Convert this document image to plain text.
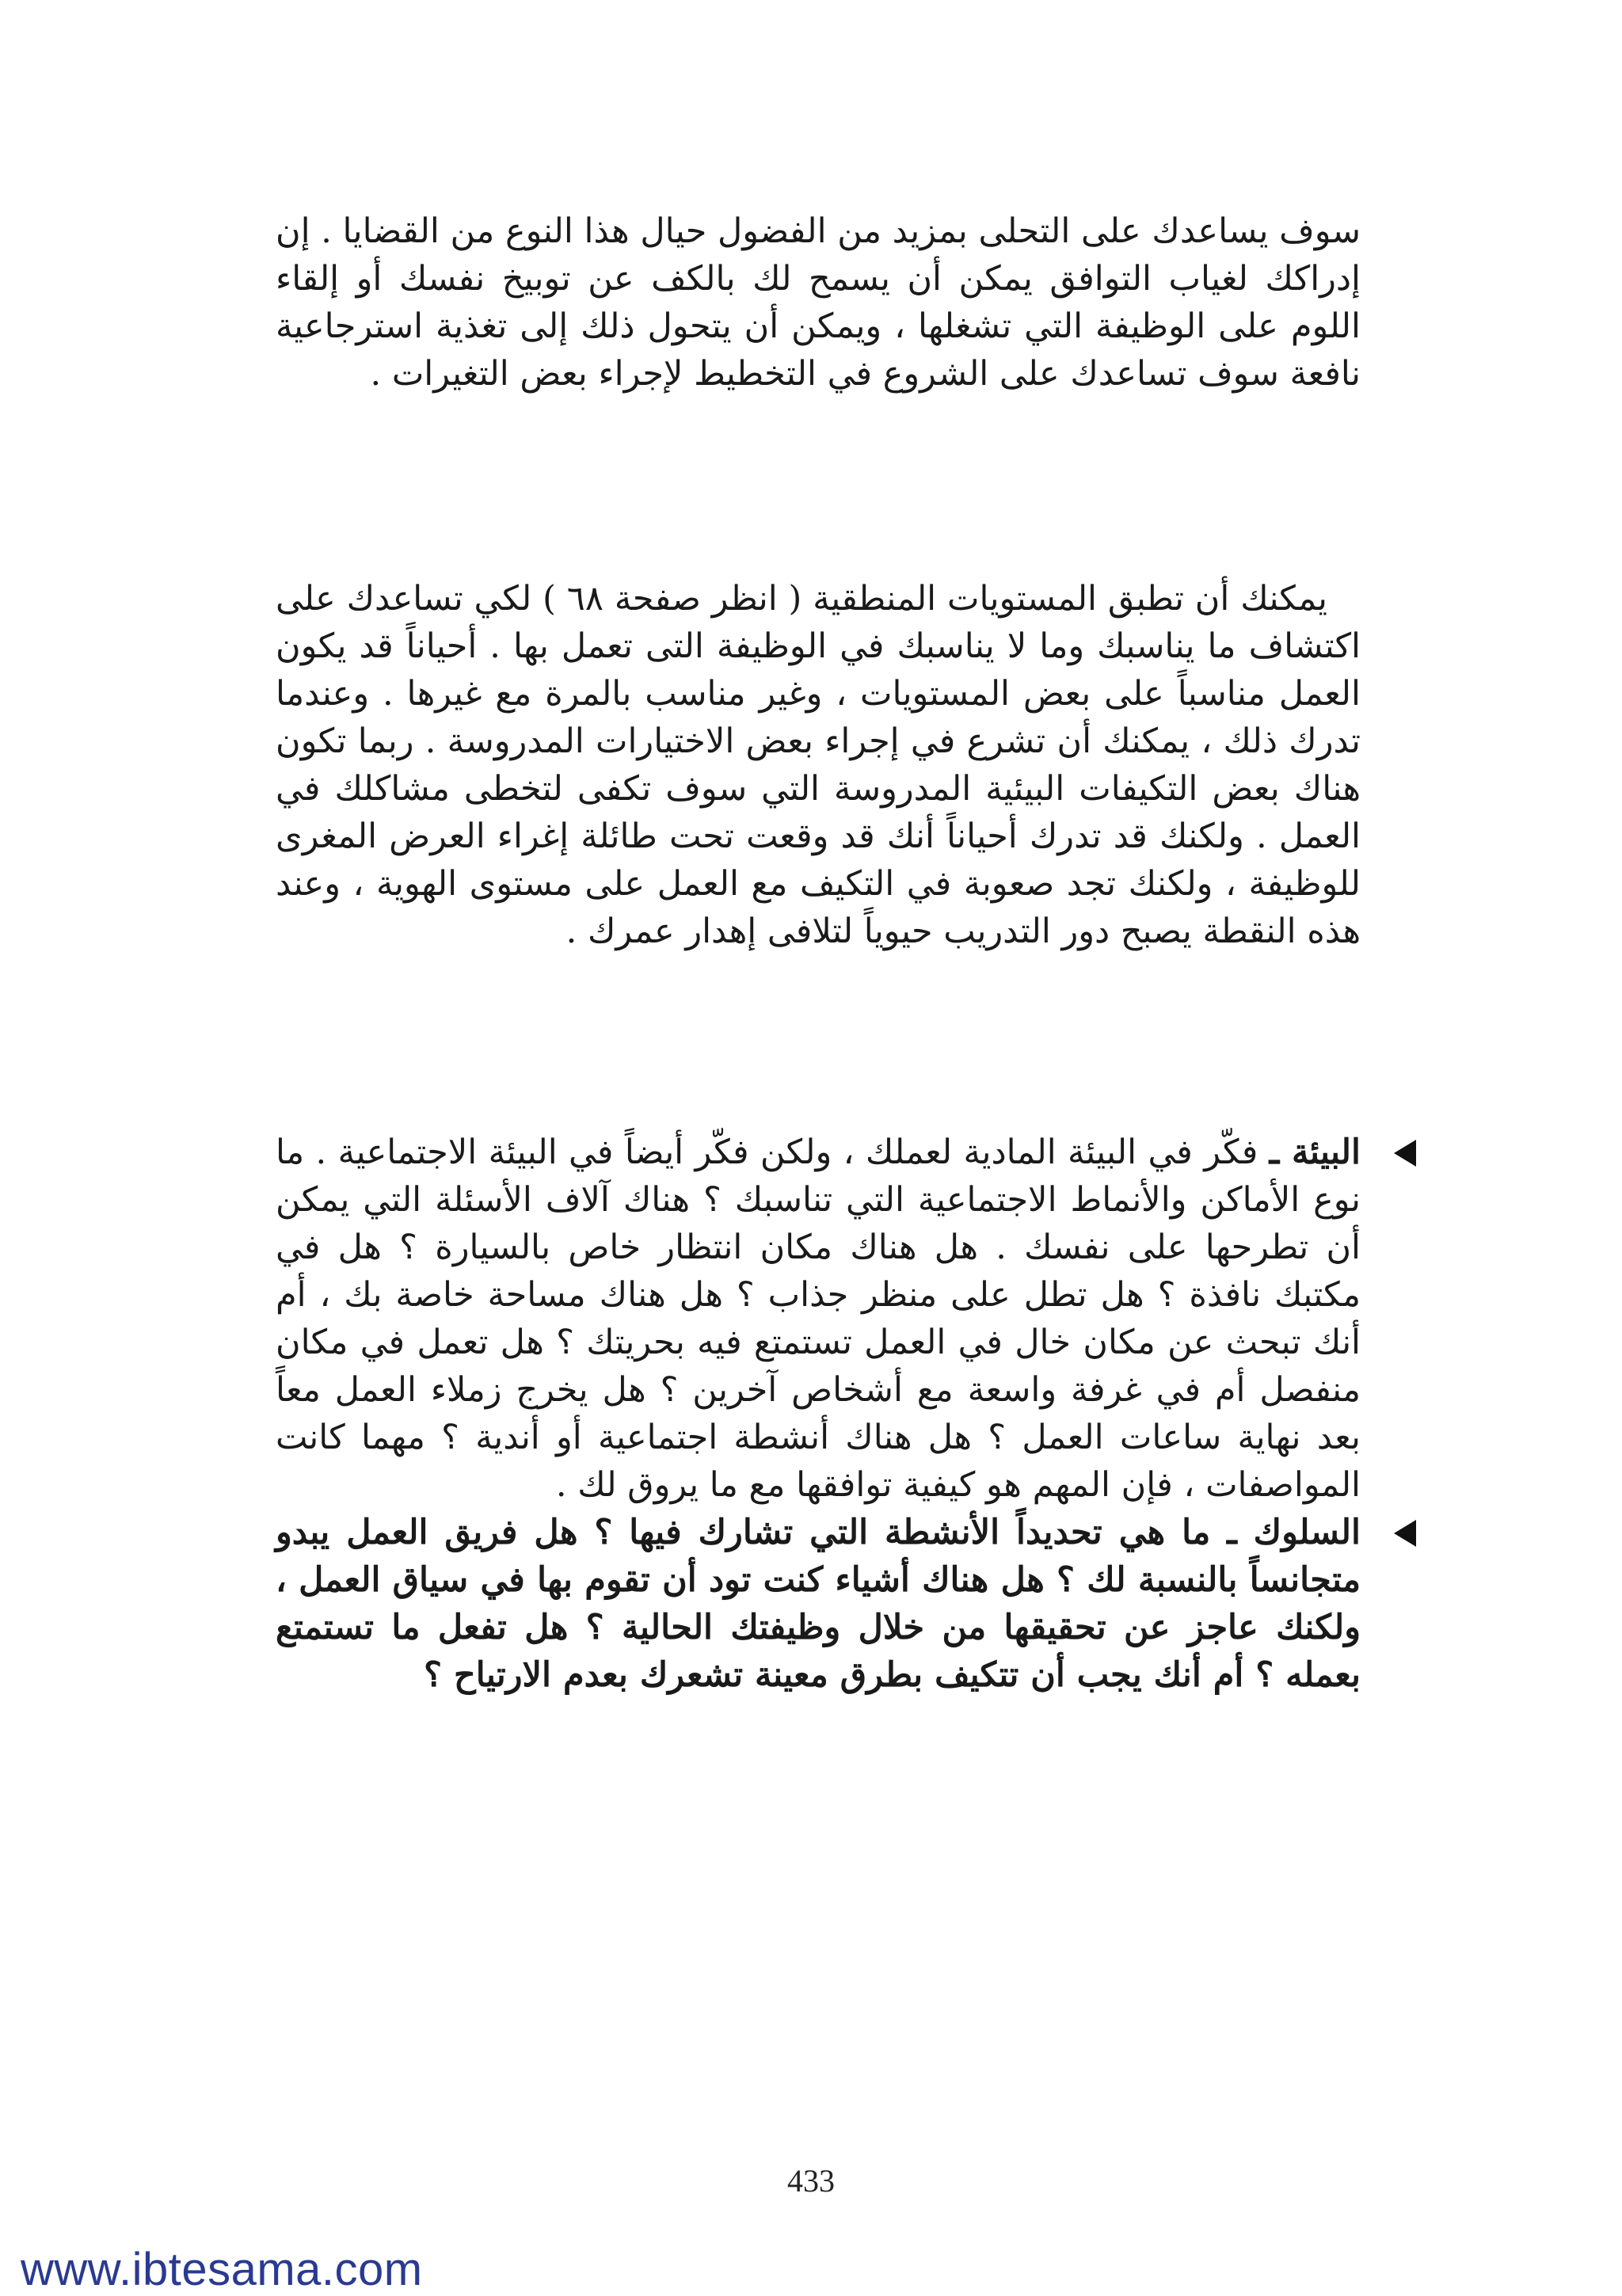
سوف يساعدك على التحلى بمزيد من الفضول حيال هذا النوع من القضايا . إن إدراكك لغياب التوافق يمكن أن يسمح لك بالكف عن توبيخ نفسك أو إلقاء اللوم على الوظيفة التي تشغلها ، ويمكن أن يتحول ذلك إلى تغذية استرجاعية نافعة سوف تساعدك على الشروع في التخطيط لإجراء بعض التغيرات .

يمكنك أن تطبق المستويات المنطقية ( انظر صفحة ٦٨ ) لكي تساعدك على اكتشاف ما يناسبك وما لا يناسبك في الوظيفة التى تعمل بها . أحياناً قد يكون العمل مناسباً على بعض المستويات ، وغير مناسب بالمرة مع غيرها . وعندما تدرك ذلك ، يمكنك أن تشرع في إجراء بعض الاختيارات المدروسة . ربما تكون هناك بعض التكيفات البيئية المدروسة التي سوف تكفى لتخطى مشاكلك في العمل . ولكنك قد تدرك أحياناً أنك قد وقعت تحت طائلة إغراء العرض المغرى للوظيفة ، ولكنك تجد صعوبة في التكيف مع العمل على مستوى الهوية ، وعند هذه النقطة يصبح دور التدريب حيوياً لتلافى إهدار عمرك .

البيئة ـ فكّر في البيئة المادية لعملك ، ولكن فكّر أيضاً في البيئة الاجتماعية . ما نوع الأماكن والأنماط الاجتماعية التي تناسبك ؟ هناك آلاف الأسئلة التي يمكن أن تطرحها على نفسك . هل هناك مكان انتظار خاص بالسيارة ؟ هل في مكتبك نافذة ؟ هل تطل على منظر جذاب ؟ هل هناك مساحة خاصة بك ، أم أنك تبحث عن مكان خال في العمل تستمتع فيه بحريتك ؟ هل تعمل في مكان منفصل أم في غرفة واسعة مع أشخاص آخرين ؟ هل يخرج زملاء العمل معاً بعد نهاية ساعات العمل ؟ هل هناك أنشطة اجتماعية أو أندية ؟ مهما كانت المواصفات ، فإن المهم هو كيفية توافقها مع ما يروق لك .
السلوك ـ ما هي تحديداً الأنشطة التي تشارك فيها ؟ هل فريق العمل يبدو متجانساً بالنسبة لك ؟ هل هناك أشياء كنت تود أن تقوم بها في سياق العمل ، ولكنك عاجز عن تحقيقها من خلال وظيفتك الحالية ؟ هل تفعل ما تستمتع بعمله ؟ أم أنك يجب أن تتكيف بطرق معينة تشعرك بعدم الارتياح ؟
433
www.ibtesama.com
